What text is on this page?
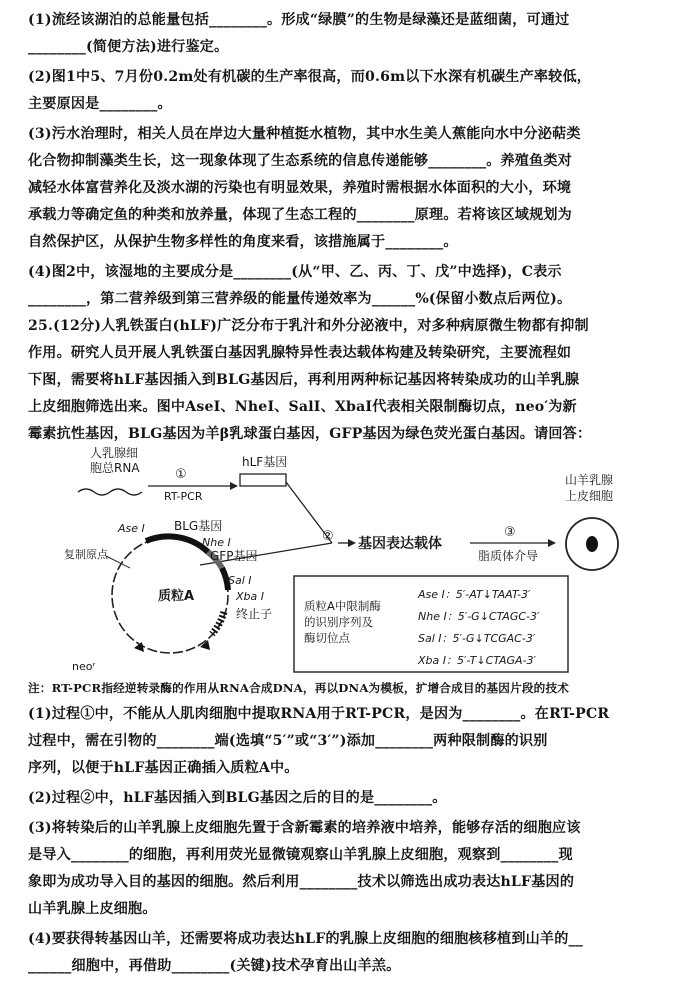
(1)流经该湖泊的总能量包括________。形成“绿膜”的生物是绿藻还是蓝细菌，可通过
________(简便方法)进行鉴定。
(2)图1中5、7月份0.2m处有机碳的生产率很高，而0.6m以下水深有机碳生产率较低，
主要原因是________。
(3)污水治理时，相关人员在岸边大量种植挺水植物，其中水生美人蕉能向水中分泌萜类
化合物抑制藻类生长，这一现象体现了生态系统的信息传递能够________。养殖鱼类对
减轻水体富营养化及淡水湖的污染也有明显效果，养殖时需根据水体面积的大小，环境
承载力等确定鱼的种类和放养量，体现了生态工程的________原理。若将该区域规划为
自然保护区，从保护生物多样性的角度来看，该措施属于________。
(4)图2中，该湿地的主要成分是________(从“甲、乙、丙、丁、戊”中选择)，C表示
________，第二营养级到第三营养级的能量传递效率为______%(保留小数点后两位)。
25.(12分)人乳铁蛋白(hLF)广泛分布于乳汁和外分泌液中，对多种病原微生物都有抑制
作用。研究人员开展人乳铁蛋白基因乳腺特异性表达载体构建及转染研究，主要流程如
下图，需要将hLF基因插入到BLG基因后，再利用两种标记基因将转染成功的山羊乳腺
上皮细胞筛选出来。图中AseⅠ、NheⅠ、SalⅠ、XbaⅠ代表相关限制酶切点，neo′为新
霉素抗性基因，BLG基因为羊β乳球蛋白基因，GFP基因为绿色荧光蛋白基因。请回答：
人乳腺细
胞总RNA	①
RT-PCR
hLF基因
② 基因表达载体
③
脂质体介导
山羊乳腺
上皮细胞
质粒A
Ase Ⅰ BLG基因
Nhe Ⅰ
GFP基因
Sal Ⅰ
Xba Ⅰ
终止子
复制原点
neoʳ
质粒A中限制酶
的识别序列及
酶切位点
Ase Ⅰ：5′-AT↓TAAT-3′
Nhe Ⅰ：5′-G↓CTAGC-3′
Sal Ⅰ：5′-G↓TCGAC-3′
Xba Ⅰ：5′-T↓CTAGA-3′
注：RT-PCR指经逆转录酶的作用从RNA合成DNA，再以DNA为模板，扩增合成目的基因片段的技术
(1)过程①中，不能从人肌肉细胞中提取RNA用于RT-PCR，是因为________。在RT-PCR
过程中，需在引物的________端(选填“5′”或“3′”)添加________两种限制酶的识别
序列，以便于hLF基因正确插入质粒A中。
(2)过程②中，hLF基因插入到BLG基因之后的目的是________。
(3)将转染后的山羊乳腺上皮细胞先置于含新霉素的培养液中培养，能够存活的细胞应该
是导入________的细胞，再利用荧光显微镜观察山羊乳腺上皮细胞，观察到________现
象即为成功导入目的基因的细胞。然后利用________技术以筛选出成功表达hLF基因的
山羊乳腺上皮细胞。
(4)要获得转基因山羊，还需要将成功表达hLF的乳腺上皮细胞的细胞核移植到山羊的__
______细胞中，再借助________(关键)技术孕育出山羊羔。
